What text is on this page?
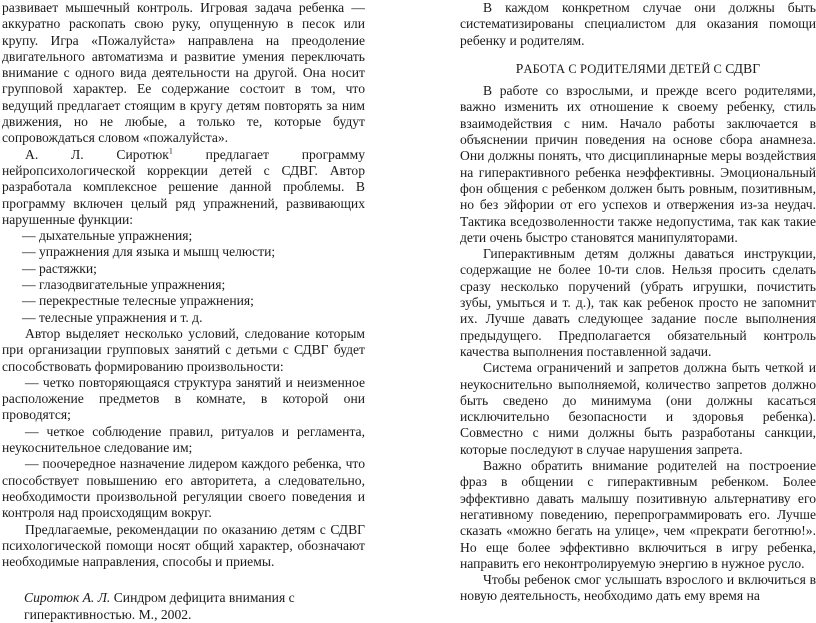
развивает мышечный контроль. Игровая задача ребенка — аккуратно раскопать свою руку, опущенную в песок или крупу. Игра «Пожалуйста» направлена на преодоление двигательного автоматизма и развитие умения переключать внимание с одного вида деятельности на другой. Она носит групповой характер. Ее содержание состоит в том, что ведущий предлагает стоящим в кругу детям повторять за ним движения, но не любые, а только те, которые будут сопровождаться словом «пожалуйста».

А. Л. Сиротюк$^1$ предлагает программу нейропсихологической коррекции детей с СДВГ. Автор разработала комплексное решение данной проблемы. В программу включен целый ряд упражнений, развивающих нарушенные функции:

— дыхательные упражнения;

— упражнения для языка и мышц челюсти;

— растяжки;

— глазодвигательные упражнения;

— перекрестные телесные упражнения;

— телесные упражнения и т. д.

Автор выделяет несколько условий, следование которым при организации групповых занятий с детьми с СДВГ будет способствовать формированию произвольности:

— четко повторяющаяся структура занятий и неизменное расположение предметов в комнате, в которой они проводятся;

— четкое соблюдение правил, ритуалов и регламента, неукоснительное следование им;

— поочередное назначение лидером каждого ребенка, что способствует повышению его авторитета, а следовательно, необходимости произвольной регуляции своего поведения и контроля над происходящим вокруг.

Предлагаемые, рекомендации по оказанию детям с СДВГ психологической помощи носят общий характер, обозначают необходимые направления, способы и приемы.

Сиротюк А. Л. Синдром дефицита внимания с гиперактивностью. М., 2002.

В каждом конкретном случае они должны быть систематизированы специалистом для оказания помощи ребенку и родителям.

РАБОТА С РОДИТЕЛЯМИ ДЕТЕЙ С СДВГ

В работе со взрослыми, и прежде всего родителями, важно изменить их отношение к своему ребенку, стиль взаимодействия с ним. Начало работы заключается в объяснении причин поведения на основе сбора анамнеза. Они должны понять, что дисциплинарные меры воздействия на гиперактивного ребенка неэффективны. Эмоциональный фон общения с ребенком должен быть ровным, позитивным, но без эйфории от его успехов и отвержения из-за неудач. Тактика вседозволенности также недопустима, так как такие дети очень быстро становятся манипуляторами.

Гиперактивным детям должны даваться инструкции, содержащие не более 10-ти слов. Нельзя просить сделать сразу несколько поручений (убрать игрушки, почистить зубы, умыться и т. д.), так как ребенок просто не запомнит их. Лучше давать следующее задание после выполнения предыдущего. Предполагается обязательный контроль качества выполнения поставленной задачи.

Система ограничений и запретов должна быть четкой и неукоснительно выполняемой, количество запретов должно быть сведено до минимума (они должны касаться исключительно безопасности и здоровья ребенка). Совместно с ними должны быть разработаны санкции, которые последуют в случае нарушения запрета.

Важно обратить внимание родителей на построение фраз в общении с гиперактивным ребенком. Более эффективно давать малышу позитивную альтернативу его негативному поведению, перепрограммировать его. Лучше сказать «можно бегать на улице», чем «прекрати беготню!». Но еще более эффективно включиться в игру ребенка, направить его неконтролируемую энергию в нужное русло.

Чтобы ребенок смог услышать взрослого и включиться в новую деятельность, необходимо дать ему время на
